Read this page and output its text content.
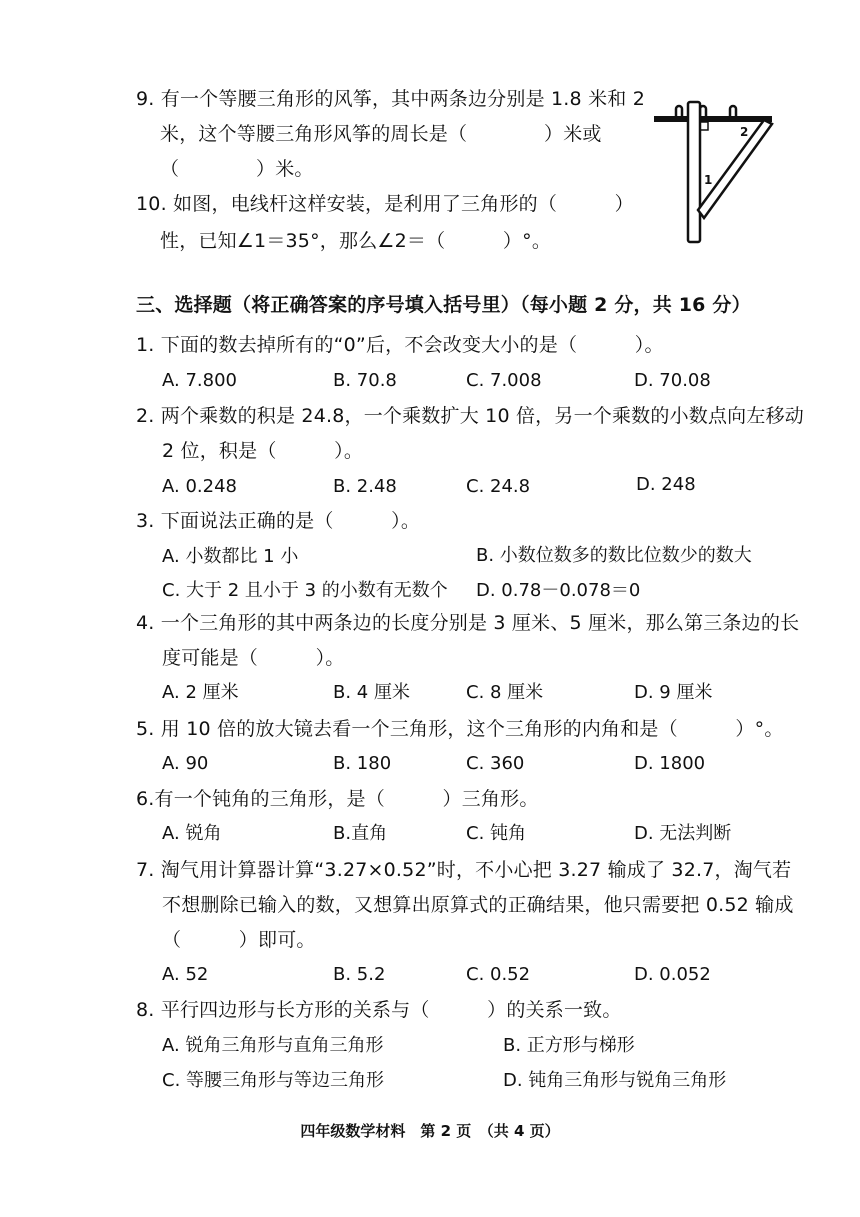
9. 有一个等腰三角形的风筝，其中两条边分别是 1.8 米和 2
米，这个等腰三角形风筝的周长是（　　　　）米或
（　　　　）米。
10. 如图，电线杆这样安装，是利用了三角形的（　　　）
性，已知∠1＝35°，那么∠2＝（　　　）°。
1
2
三、选择题（将正确答案的序号填入括号里）（每小题 2 分，共 16 分）
1. 下面的数去掉所有的“0”后，不会改变大小的是（　　　）。
A. 7.800	B. 70.8	C. 7.008	D. 70.08
2. 两个乘数的积是 24.8，一个乘数扩大 10 倍，另一个乘数的小数点向左移动
2 位，积是（　　　）。
A. 0.248	B. 2.48	C. 24.8	D. 248
3. 下面说法正确的是（　　　）。
A. 小数都比 1 小	B. 小数位数多的数比位数少的数大
C. 大于 2 且小于 3 的小数有无数个 D. 0.78－0.078＝0
4. 一个三角形的其中两条边的长度分别是 3 厘米、5 厘米，那么第三条边的长
度可能是（　　　）。
A. 2 厘米	B. 4 厘米	C. 8 厘米	D. 9 厘米
5. 用 10 倍的放大镜去看一个三角形，这个三角形的内角和是（　　　）°。
A. 90	B. 180	C. 360	D. 1800
6.有一个钝角的三角形，是（　　　）三角形。
A. 锐角	B.直角	C. 钝角	D. 无法判断
7. 淘气用计算器计算“3.27×0.52”时，不小心把 3.27 输成了 32.7，淘气若
不想删除已输入的数，又想算出原算式的正确结果，他只需要把 0.52 输成
（　　　）即可。
A. 52	B. 5.2	C. 0.52	D. 0.052
8. 平行四边形与长方形的关系与（　　　）的关系一致。
A. 锐角三角形与直角三角形	B. 正方形与梯形
C. 等腰三角形与等边三角形	D. 钝角三角形与锐角三角形
四年级数学材料　第 2 页　（共 4 页）
